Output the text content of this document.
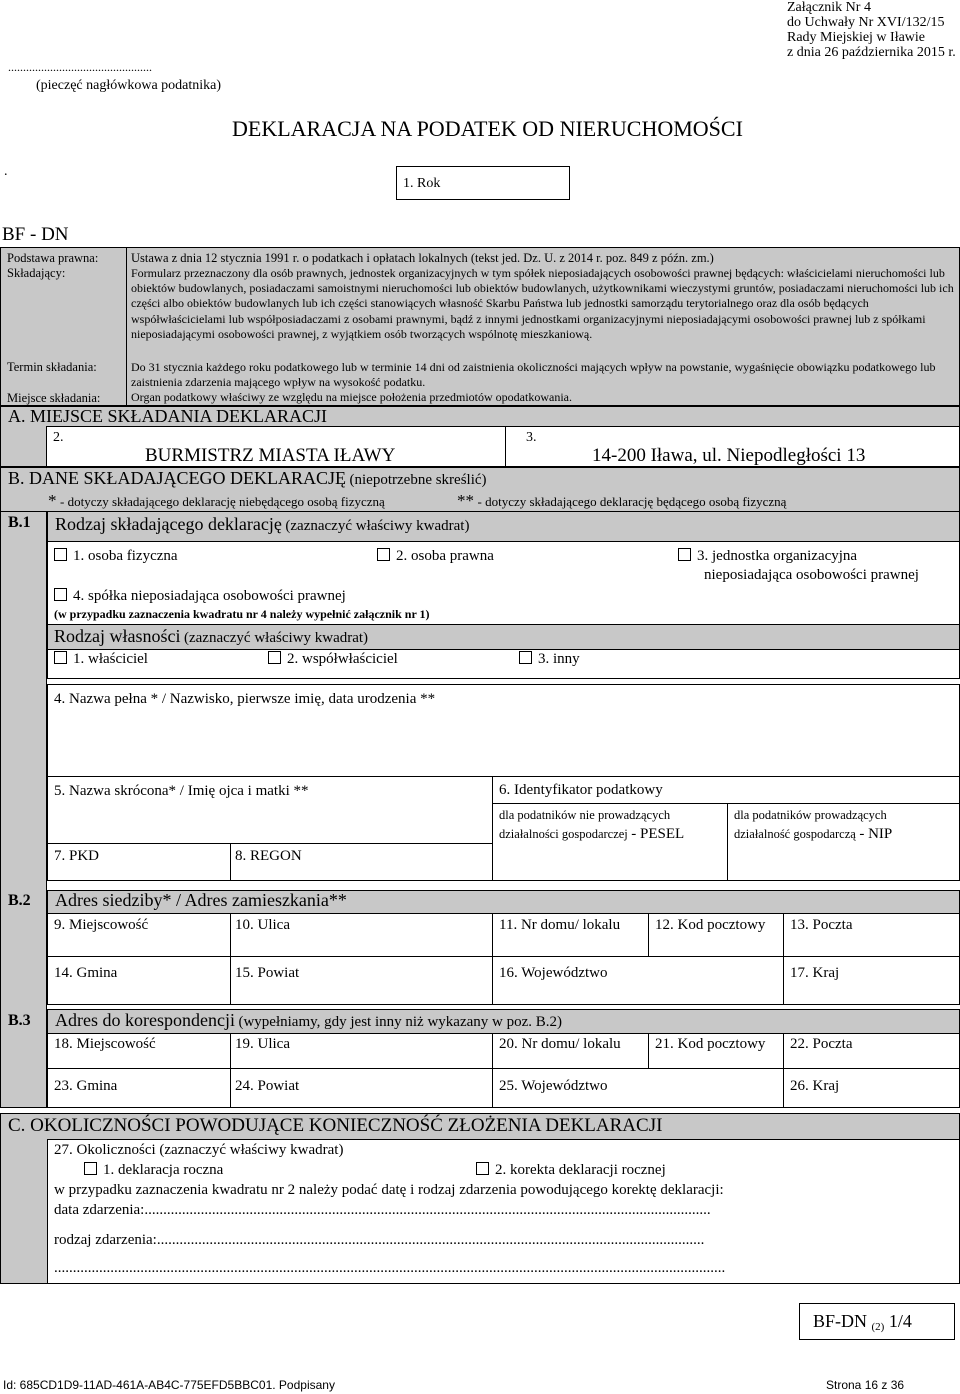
Załącznik Nr 4
do Uchwały Nr XVI/132/15
Rady Miejskiej w Iławie
z dnia 26 października 2015 r.
................................................
(pieczęć nagłówkowa podatnika)
DEKLARACJA NA PODATEK OD NIERUCHOMOŚCI
.
1. Rok
BF - DN
Podstawa prawna:	Ustawa z dnia 12 stycznia 1991 r. o podatkach i opłatach lokalnych (tekst jed. Dz. U. z 2014 r. poz. 849 z późn. zm.)
Składający:	Formularz przeznaczony dla osób prawnych, jednostek organizacyjnych w tym spółek nieposiadających osobowości prawnej będących: właścicielami nieruchomości lub obiektów budowlanych, posiadaczami samoistnymi nieruchomości lub obiektów budowlanych, użytkownikami wieczystymi gruntów, posiadaczami nieruchomości lub ich części albo obiektów budowlanych lub ich części stanowiących własność Skarbu Państwa lub jednostki samorządu terytorialnego oraz dla osób będących współwłaścicielami lub współposiadaczami z osobami prawnymi, bądź z innymi jednostkami organizacyjnymi nieposiadającymi osobowości prawnej lub z spółkami nieposiadającymi osobowości prawnej, z wyjątkiem osób tworzących wspólnotę mieszkaniową.
Termin składania:	Do 31 stycznia każdego roku podatkowego lub w terminie 14 dni od zaistnienia okoliczności mających wpływ na powstanie, wygaśnięcie obowiązku podatkowego lub zaistnienia zdarzenia mającego wpływ na wysokość podatku.
Miejsce składania:	Organ podatkowy właściwy ze względu na miejsce położenia przedmiotów opodatkowania.
A. MIEJSCE SKŁADANIA DEKLARACJI
2.
BURMISTRZ MIASTA IŁAWY
3.
14-200 Iława, ul. Niepodległości 13
B. DANE SKŁADAJĄCEGO DEKLARACJĘ (niepotrzebne skreślić)
* - dotyczy składającego deklarację niebędącego osobą fizyczną	** - dotyczy składającego deklarację będącego osobą fizyczną
B.1
B.2
B.3
Rodzaj składającego deklarację (zaznaczyć właściwy kwadrat)
1. osoba fizyczna	2. osoba prawna	3. jednostka organizacyjna
nieposiadająca osobowości prawnej
4. spółka nieposiadająca osobowości prawnej
(w przypadku zaznaczenia kwadratu nr 4 należy wypełnić załącznik nr 1)
Rodzaj własności (zaznaczyć właściwy kwadrat)
1. właściciel	2. współwłaściciel	3. inny
4. Nazwa pełna * / Nazwisko, pierwsze imię, data urodzenia **
5. Nazwa skrócona* / Imię ojca i matki **	6. Identyfikator podatkowy
dla podatników nie prowadzących
działalności gospodarczej - PESEL
dla podatników prowadzących
działalność gospodarczą - NIP
7. PKD	8. REGON
Adres siedziby* / Adres zamieszkania**
9. Miejscowość	10. Ulica	11. Nr domu/ lokalu 12. Kod pocztowy 13. Poczta
14. Gmina	15. Powiat	16. Województwo	17. Kraj
Adres do korespondencji (wypełniamy, gdy jest inny niż wykazany w poz. B.2)
18. Miejscowość	19. Ulica	20. Nr domu/ lokalu 21. Kod pocztowy 22. Poczta
23. Gmina	24. Powiat	25. Województwo	26. Kraj
C. OKOLICZNOŚCI POWODUJĄCE KONIECZNOŚĆ ZŁOŻENIA DEKLARACJI
27. Okoliczności (zaznaczyć właściwy kwadrat)
1. deklaracja roczna	2. korekta deklaracji rocznej
w przypadku zaznaczenia kwadratu nr 2 należy podać datę i rodzaj zdarzenia powodującego korektę deklaracji:
data zdarzenia:.......................................................................................................................................................
rodzaj zdarzenia:..................................................................................................................................................
...................................................................................................................................................................................
BF-DN (2) 1/4
Id: 685CD1D9-11AD-461A-AB4C-775EFD5BBC01. Podpisany	Strona 16 z 36
